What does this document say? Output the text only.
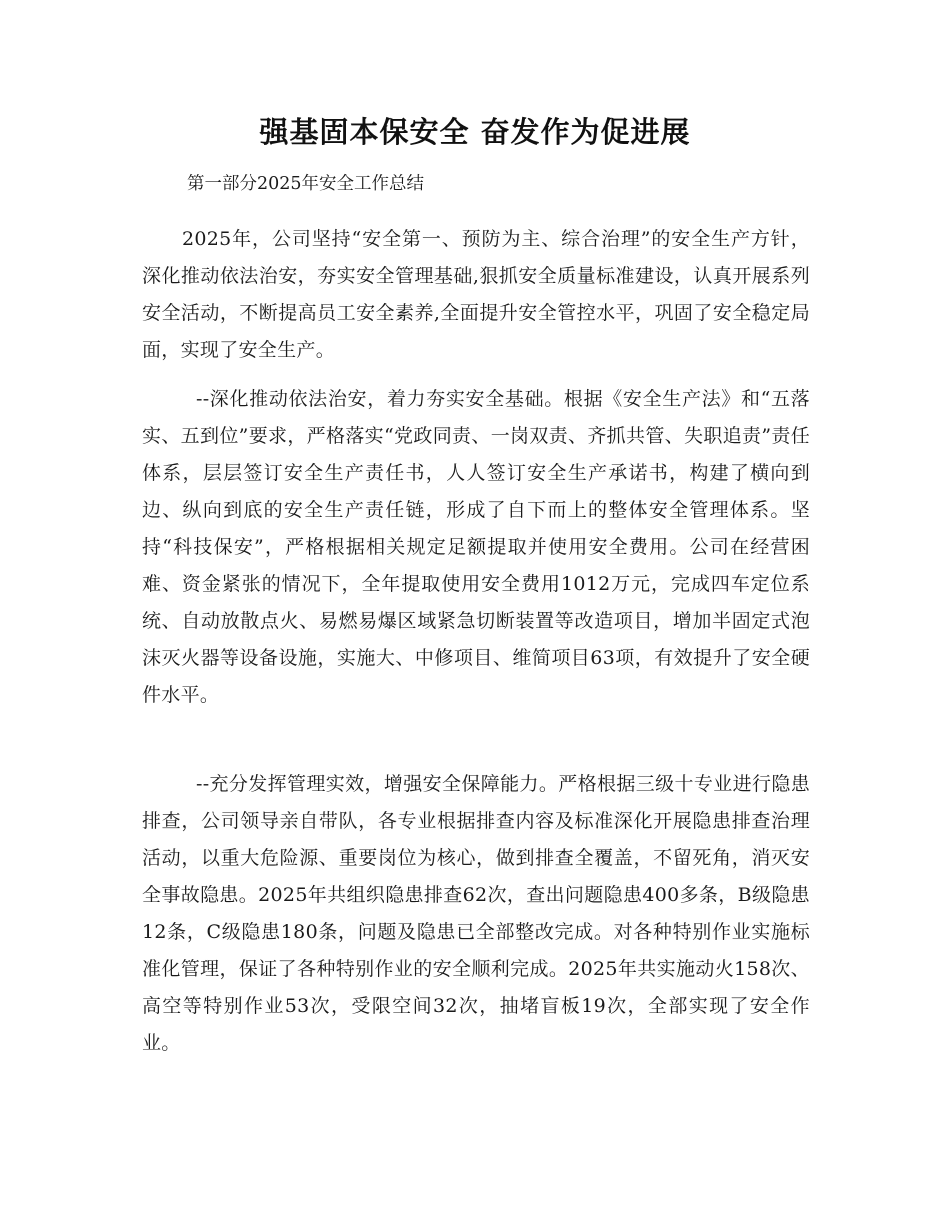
强基固本保安全 奋发作为促进展
第一部分2025年安全工作总结

2025年，公司坚持“安全第一、预防为主、综合治理”的安全生产方针，深化推动依法治安，夯实安全管理基础,狠抓安全质量标准建设，认真开展系列安全活动，不断提高员工安全素养,全面提升安全管控水平，巩固了安全稳定局面，实现了安全生产。

--深化推动依法治安，着力夯实安全基础。根据《安全生产法》和“五落实、五到位”要求，严格落实“党政同责、一岗双责、齐抓共管、失职追责”责任体系，层层签订安全生产责任书，人人签订安全生产承诺书，构建了横向到边、纵向到底的安全生产责任链，形成了自下而上的整体安全管理体系。坚持“科技保安”，严格根据相关规定足额提取并使用安全费用。公司在经营困难、资金紧张的情况下，全年提取使用安全费用1012万元，完成四车定位系统、自动放散点火、易燃易爆区域紧急切断装置等改造项目，增加半固定式泡沫灭火器等设备设施，实施大、中修项目、维简项目63项，有效提升了安全硬件水平。

--充分发挥管理实效，增强安全保障能力。严格根据三级十专业进行隐患排查，公司领导亲自带队，各专业根据排查内容及标准深化开展隐患排查治理活动，以重大危险源、重要岗位为核心，做到排查全覆盖，不留死角，消灭安全事故隐患。2025年共组织隐患排查62次，查出问题隐患400多条，B级隐患12条，C级隐患180条，问题及隐患已全部整改完成。对各种特别作业实施标准化管理，保证了各种特别作业的安全顺利完成。2025年共实施动火158次、高空等特别作业53次，受限空间32次，抽堵盲板19次，全部实现了安全作业。
